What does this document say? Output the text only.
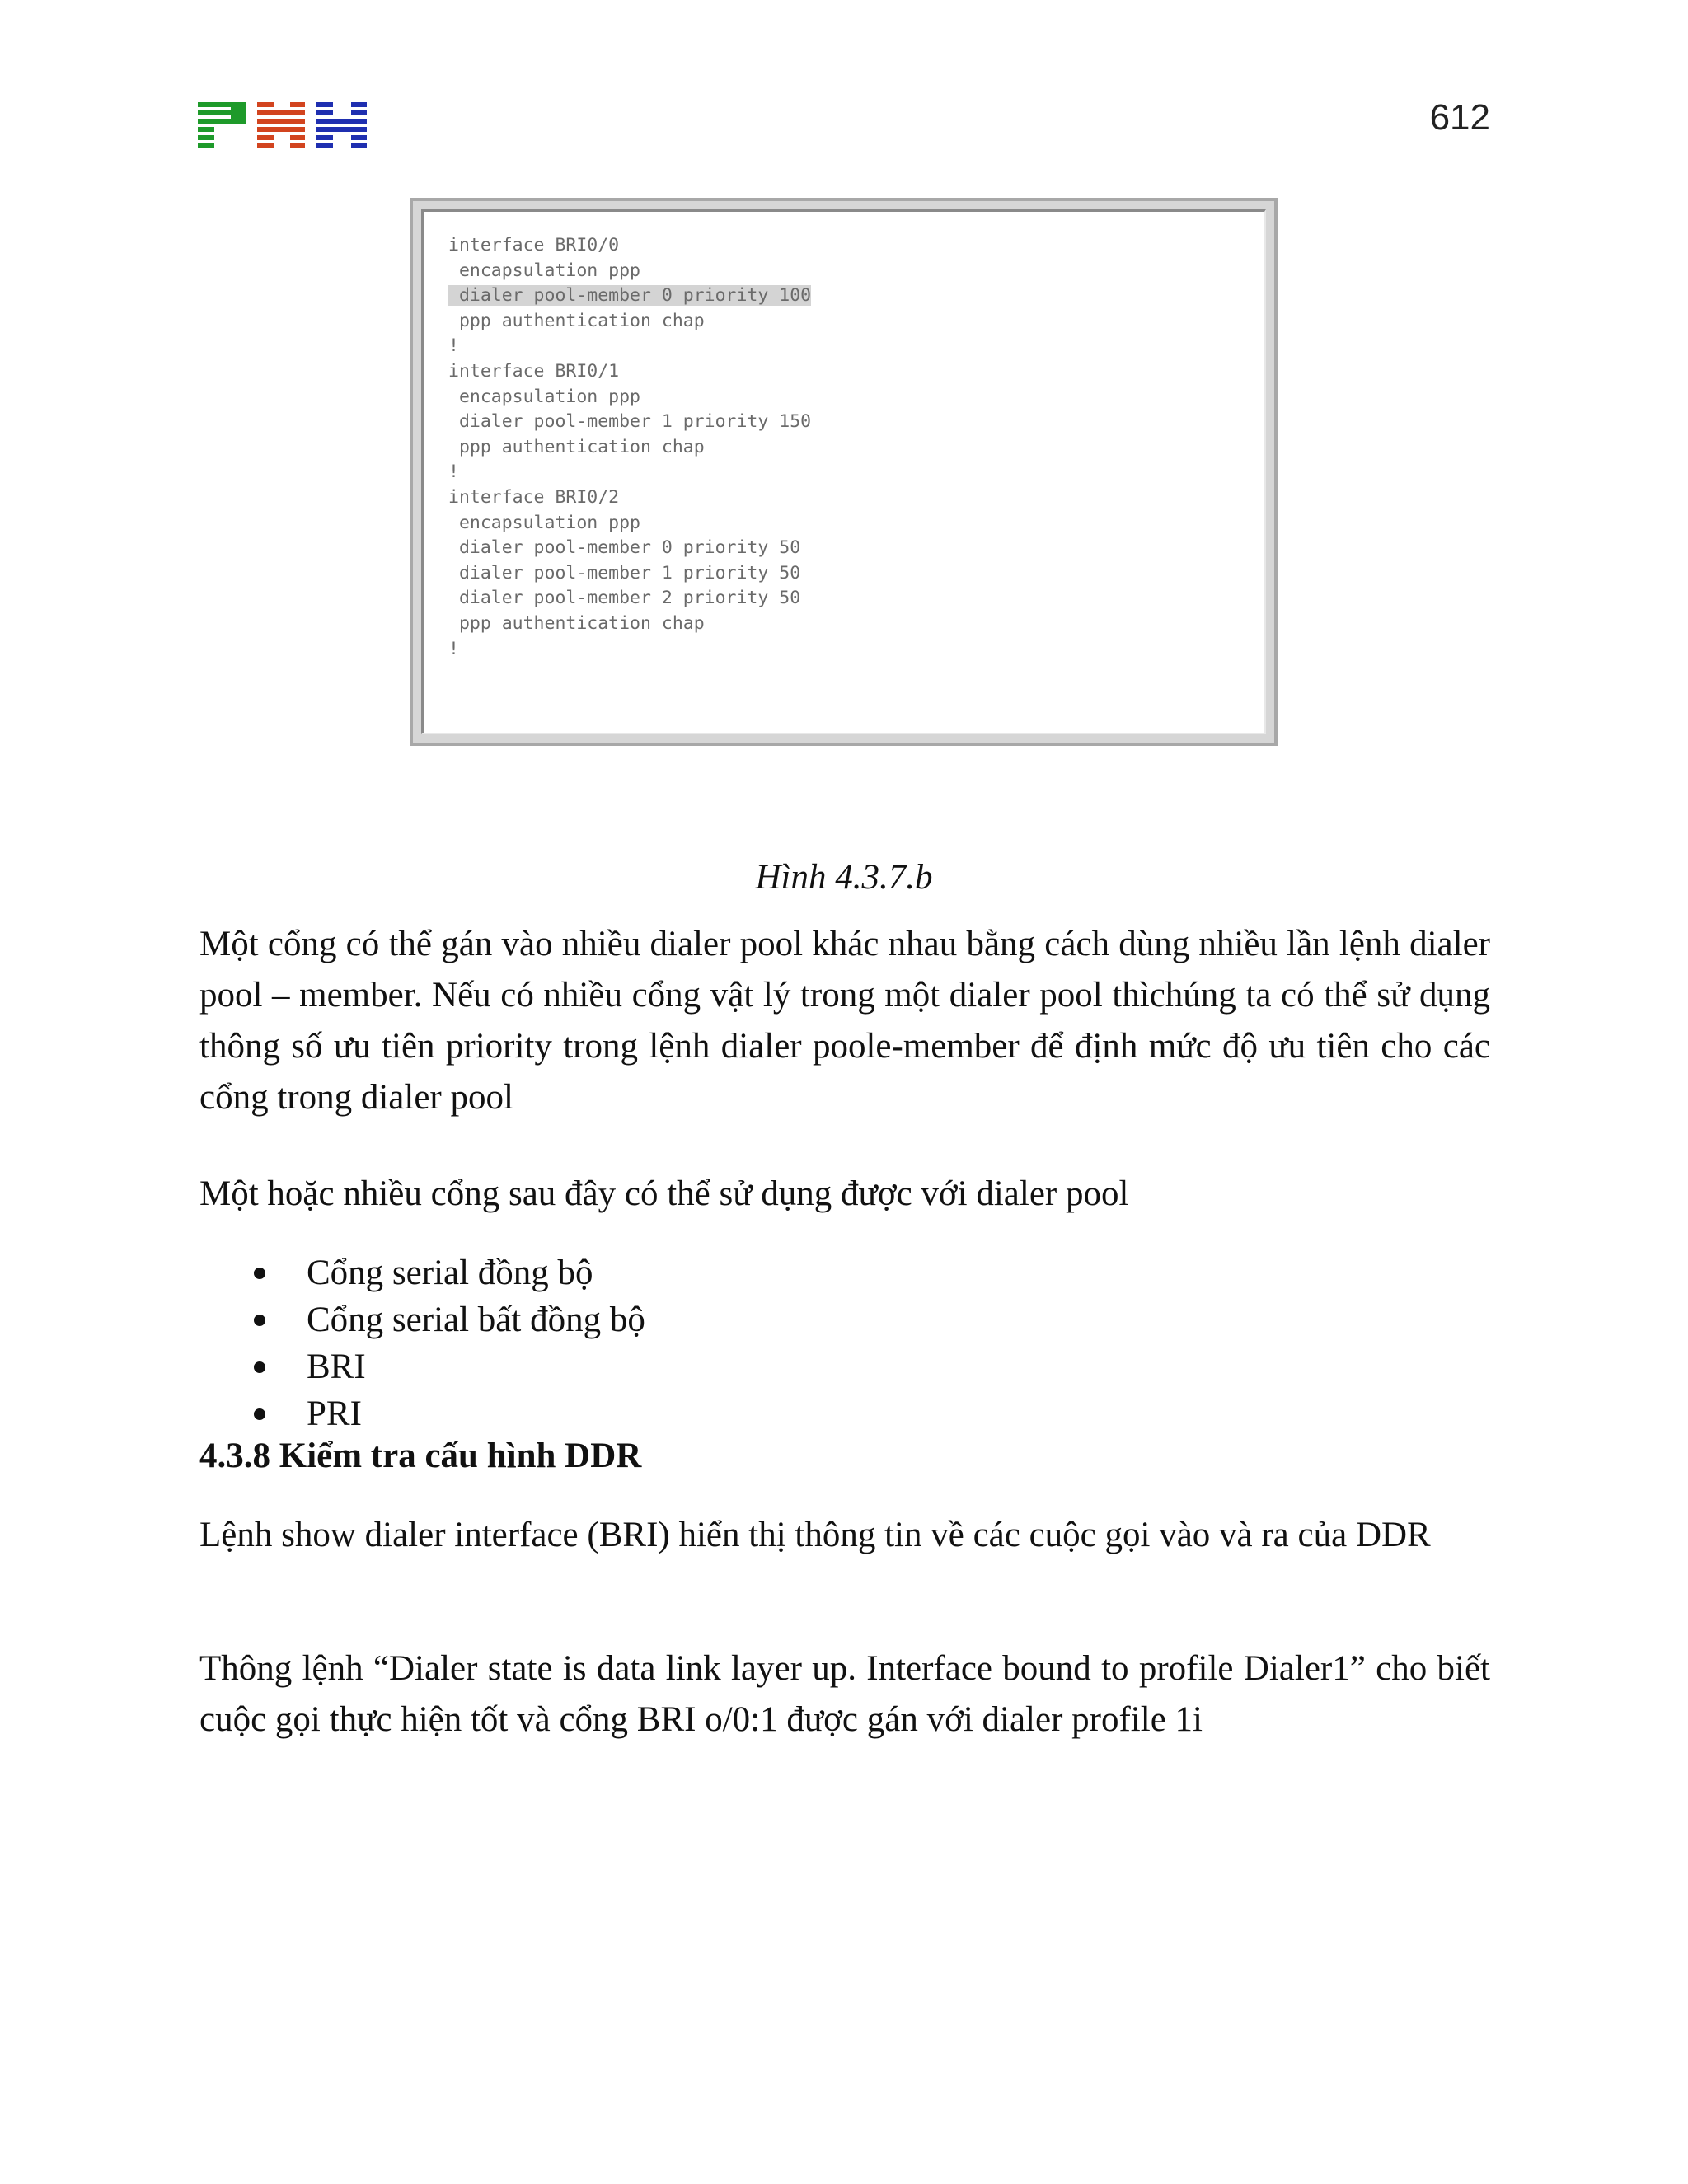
612
interface BRI0/0
encapsulation ppp
dialer pool-member 0 priority 100
ppp authentication chap
!
interface BRI0/1
encapsulation ppp
dialer pool-member 1 priority 150
ppp authentication chap
!
interface BRI0/2
encapsulation ppp
dialer pool-member 0 priority 50
dialer pool-member 1 priority 50
dialer pool-member 2 priority 50
ppp authentication chap
!
Hình 4.3.7.b

Một cổng có thể gán vào nhiều dialer pool khác nhau bằng cách dùng nhiều lần lệnh dialer pool – member. Nếu có nhiều cổng vật lý trong một dialer pool thìchúng ta có thể sử dụng thông số ưu tiên priority trong lệnh dialer poole-member để định mức độ ưu tiên cho các cổng trong dialer pool

Một hoặc nhiều cổng sau đây có thể sử dụng được với dialer pool

Cổng serial đồng bộ
Cổng serial bất đồng bộ
BRI
PRI
4.3.8 Kiểm tra cấu hình DDR

Lệnh show dialer interface (BRI) hiển thị thông tin về các cuộc gọi vào và ra của DDR

Thông lệnh “Dialer state is data link layer up. Interface bound to profile Dialer1” cho biết cuộc gọi thực hiện tốt và cổng BRI o/0:1 được gán với dialer profile 1i
